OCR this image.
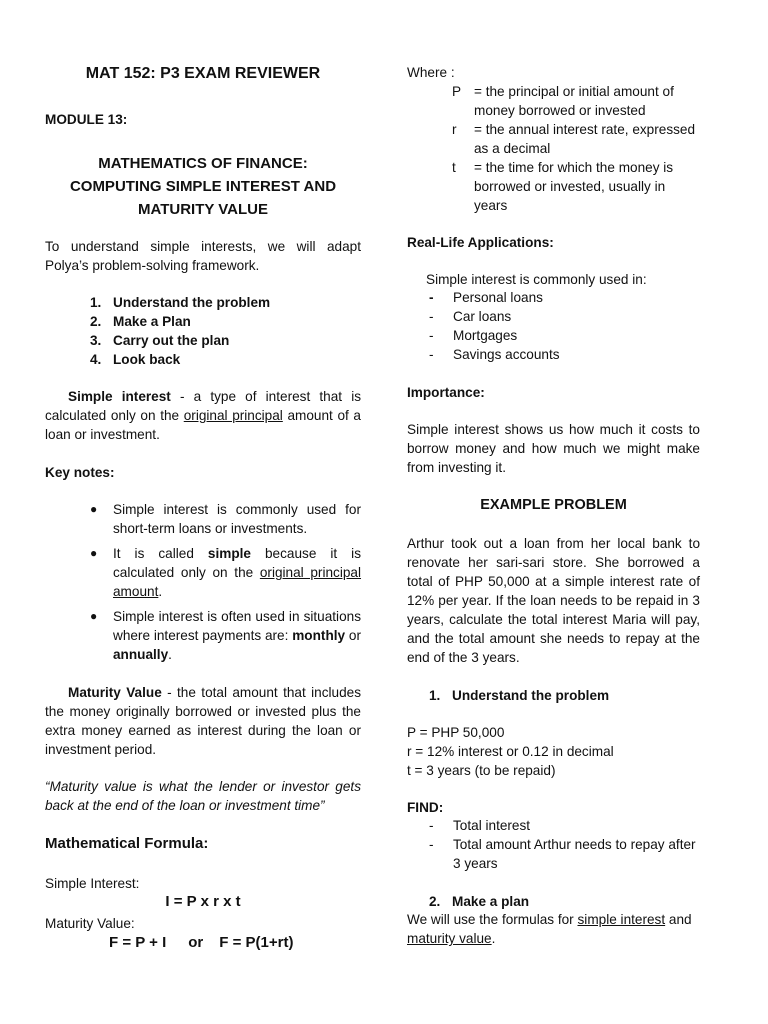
MAT 152: P3 EXAM REVIEWER
MODULE 13:
MATHEMATICS OF FINANCE:
COMPUTING SIMPLE INTEREST AND
MATURITY VALUE
To understand simple interests, we will adapt Polya’s problem-solving framework.
1. Understand the problem
2. Make a Plan
3. Carry out the plan
4. Look back
Simple interest - a type of interest that is calculated only on the original principal amount of a loan or investment.
Key notes:
●	Simple interest is commonly used for short-term loans or investments.
●	It is called simple because it is calculated only on the original principal amount.
●	Simple interest is often used in situations where interest payments are: monthly or annually.
Maturity Value - the total amount that includes the money originally borrowed or invested plus the extra money earned as interest during the loan or investment period.
“Maturity value is what the lender or investor gets back at the end of the loan or investment time”
Mathematical Formula:
Simple Interest:
I = P x r x t
Maturity Value:
F = P + I or F = P(1+rt)
Where :
P = the principal or initial amount of
money borrowed or invested
r	= the annual interest rate, expressed
as a decimal
t	= the time for which the money is
borrowed or invested, usually in
years
Real-Life Applications:
Simple interest is commonly used in:
-	Personal loans
-	Car loans
-	Mortgages
-	Savings accounts
Importance:
Simple interest shows us how much it costs to borrow money and how much we might make from investing it.
EXAMPLE PROBLEM
Arthur took out a loan from her local bank to renovate her sari-sari store. She borrowed a total of PHP 50,000 at a simple interest rate of 12% per year. If the loan needs to be repaid in 3 years, calculate the total interest Maria will pay, and the total amount she needs to repay at the end of the 3 years.
1. Understand the problem
P = PHP 50,000
r = 12% interest or 0.12 in decimal
t = 3 years (to be repaid)
FIND:
-	Total interest
-	Total amount Arthur needs to repay after 3 years
2. Make a plan
We will use the formulas for simple interest and maturity value.
